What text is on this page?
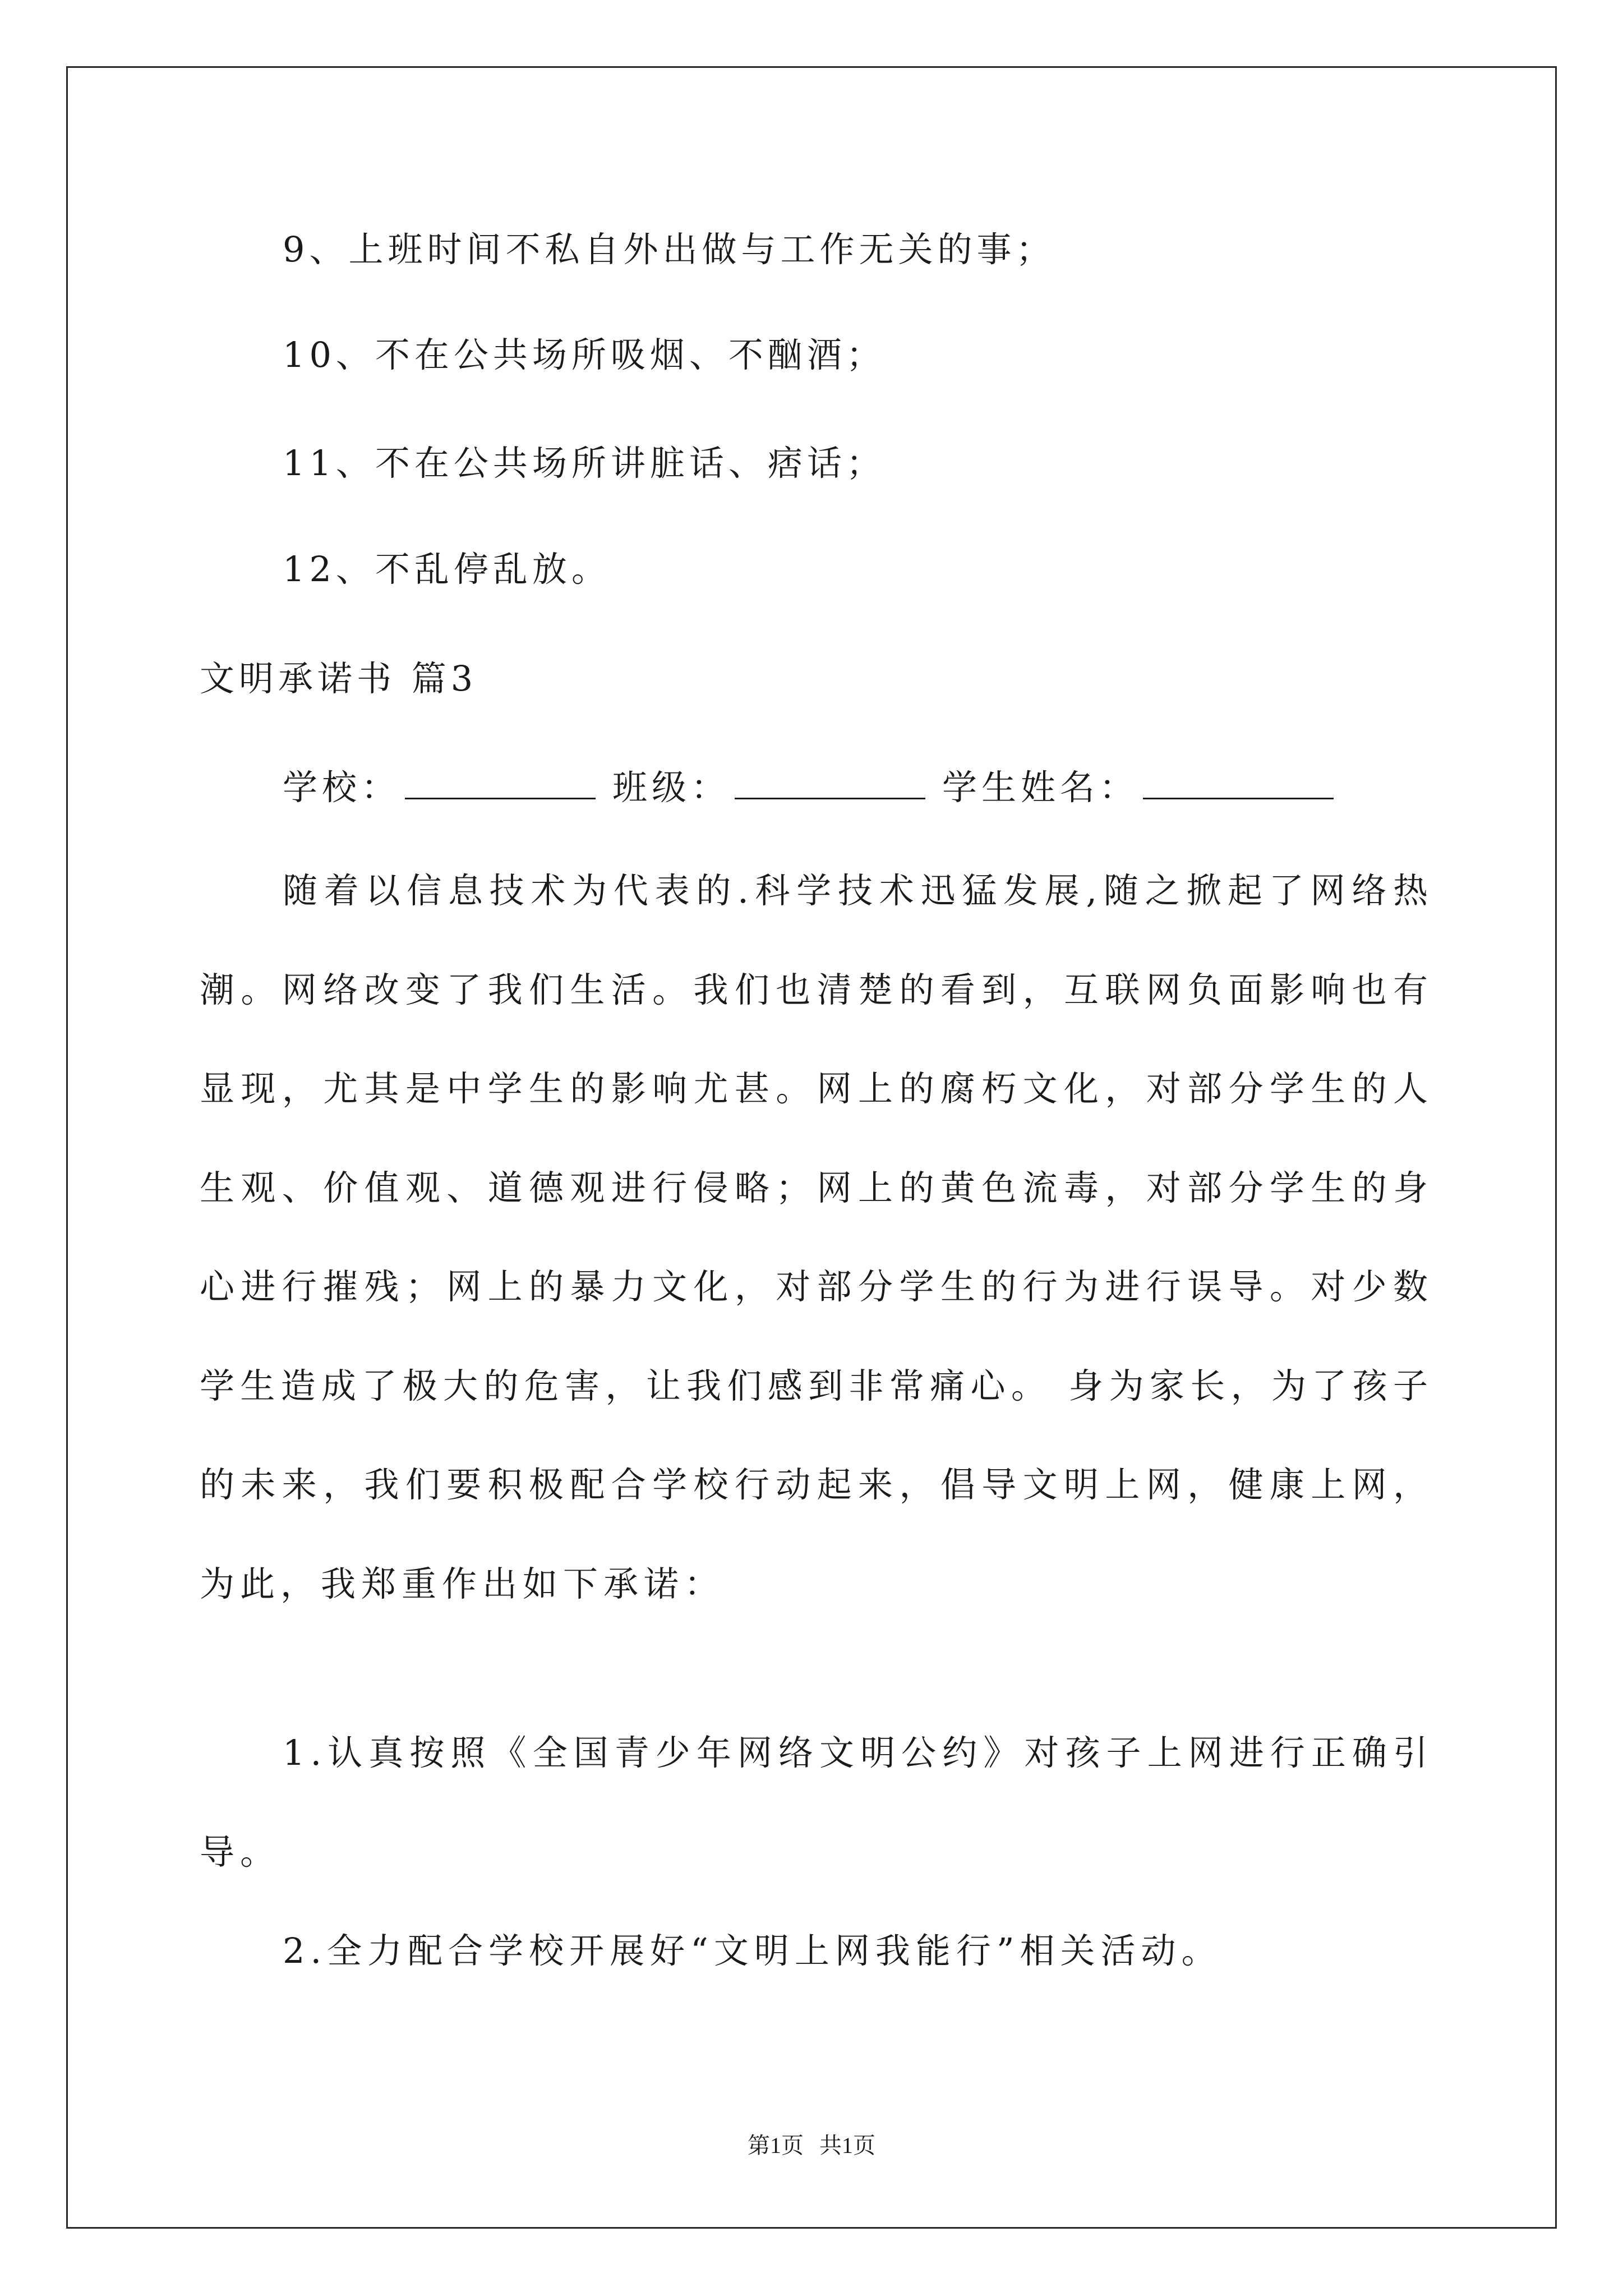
9、上班时间不私自外出做与工作无关的事；
10、不在公共场所吸烟、不酗酒；
11、不在公共场所讲脏话、痞话；
12、不乱停乱放。
文明承诺书 篇3
学校：	班级：	学生姓名：
随着以信息技术为代表的.科学技术迅猛发展,随之掀起了网络热潮。网络改变了我们生活。我们也清楚的看到，互联网负面影响也有显现，尤其是中学生的影响尤甚。网上的腐朽文化，对部分学生的人生观、价值观、道德观进行侵略；网上的黄色流毒，对部分学生的身心进行摧残；网上的暴力文化，对部分学生的行为进行误导。对少数学生造成了极大的危害，让我们感到非常痛心。 身为家长，为了孩子的未来，我们要积极配合学校行动起来，倡导文明上网，健康上网，为此，我郑重作出如下承诺：
1.认真按照《全国青少年网络文明公约》对孩子上网进行正确引导。
2.全力配合学校开展好“文明上网我能行”相关活动。
第1页 共1页
